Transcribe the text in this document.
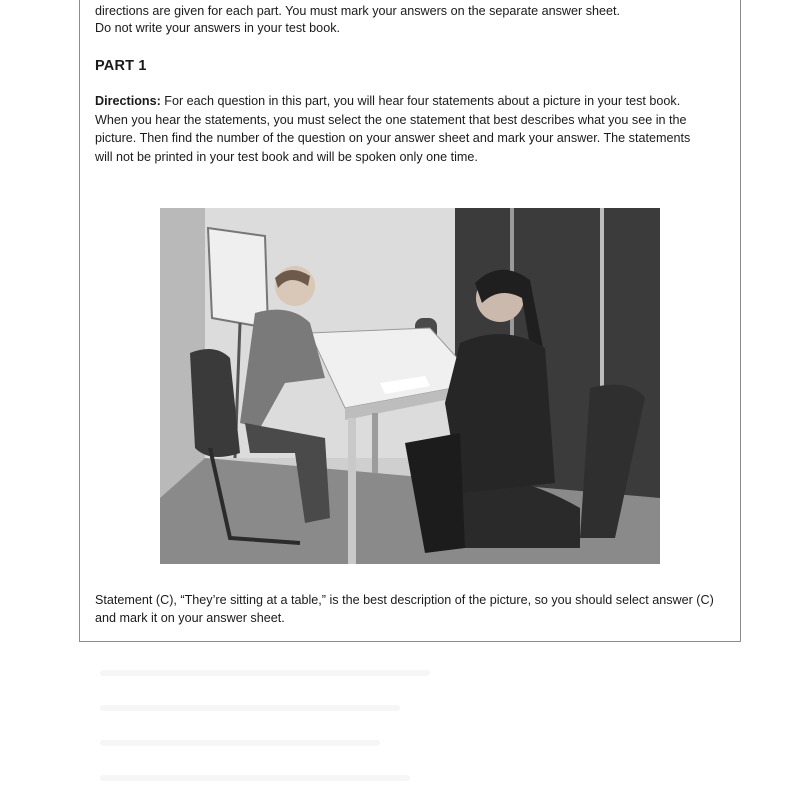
directions are given for each part. You must mark your answers on the separate answer sheet.
Do not write your answers in your test book.
PART 1

Directions: For each question in this part, you will hear four statements about a picture in your test book. When you hear the statements, you must select the one statement that best describes what you see in the picture. Then find the number of the question on your answer sheet and mark your answer. The statements will not be printed in your test book and will be spoken only one time.

Statement (C), “They’re sitting at a table,” is the best description of the picture, so you should select answer (C) and mark it on your answer sheet.
